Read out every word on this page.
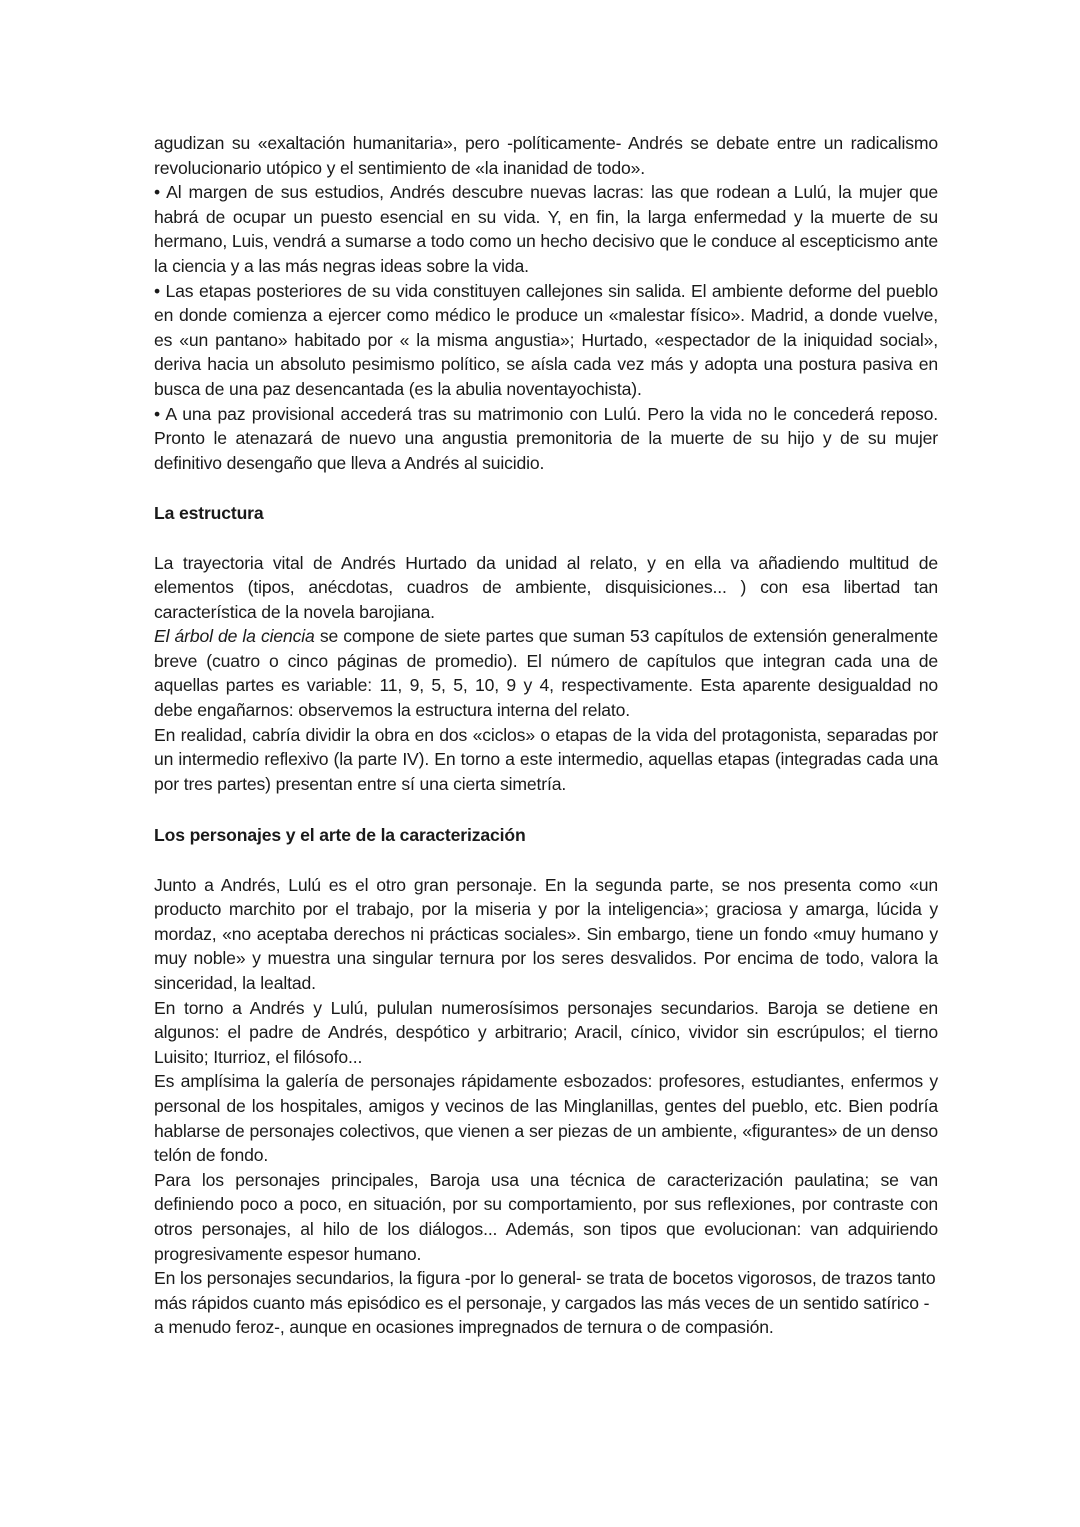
agudizan su «exaltación humanitaria», pero -políticamente- Andrés se debate entre un radicalismo revolucionario utópico y el sentimiento de «la inanidad de todo».

• Al margen de sus estudios, Andrés descubre nuevas lacras: las que rodean a Lulú, la mujer que habrá de ocupar un puesto esencial en su vida. Y, en fin, la larga enfermedad y la muerte de su hermano, Luis, vendrá a sumarse a todo como un hecho decisivo que le conduce al escepticismo ante la ciencia y a las más negras ideas sobre la vida.

• Las etapas posteriores de su vida constituyen callejones sin salida. El ambiente deforme del pueblo en donde comienza a ejercer como médico le produce un «malestar físico». Madrid, a donde vuelve, es «un pantano» habitado por « la misma angustia»; Hurtado, «espectador de la iniquidad social», deriva hacia un absoluto pesimismo político, se aísla cada vez más y adopta una postura pasiva en busca de una paz desencantada (es la abulia noventayochista).

• A una paz provisional accederá tras su matrimonio con Lulú. Pero la vida no le concederá reposo. Pronto le atenazará de nuevo una angustia premonitoria de la muerte de su hijo y de su mujer definitivo desengaño que lleva a Andrés al suicidio.

La estructura

La trayectoria vital de Andrés Hurtado da unidad al relato, y en ella va añadiendo multitud de elementos (tipos, anécdotas, cuadros de ambiente, disquisiciones... ) con esa libertad tan característica de la novela barojiana.

El árbol de la ciencia se compone de siete partes que suman 53 capítulos de extensión generalmente breve (cuatro o cinco páginas de promedio). El número de capítulos que integran cada una de aquellas partes es variable: 11, 9, 5, 5, 10, 9 y 4, respectivamente. Esta aparente desigualdad no debe engañarnos: observemos la estructura interna del relato.

En realidad, cabría dividir la obra en dos «ciclos» o etapas de la vida del protagonista, separadas por un intermedio reflexivo (la parte IV). En torno a este intermedio, aquellas etapas (integradas cada una por tres partes) presentan entre sí una cierta simetría.

Los personajes y el arte de la caracterización

Junto a Andrés, Lulú es el otro gran personaje. En la segunda parte, se nos presenta como «un producto marchito por el trabajo, por la miseria y por la inteligencia»; graciosa y amarga, lúcida y mordaz, «no aceptaba derechos ni prácticas sociales». Sin embargo, tiene un fondo «muy humano y muy noble» y muestra una singular ternura por los seres desvalidos. Por encima de todo, valora la sinceridad, la lealtad.

En torno a Andrés y Lulú, pululan numerosísimos personajes secundarios. Baroja se detiene en algunos: el padre de Andrés, despótico y arbitrario; Aracil, cínico, vividor sin escrúpulos; el tierno Luisito; Iturrioz, el filósofo...

Es amplísima la galería de personajes rápidamente esbozados: profesores, estudiantes, enfermos y personal de los hospitales, amigos y vecinos de las Minglanillas, gentes del pueblo, etc. Bien podría hablarse de personajes colectivos, que vienen a ser piezas de un ambiente, «figurantes» de un denso telón de fondo.

Para los personajes principales, Baroja usa una técnica de caracterización paulatina; se van definiendo poco a poco, en situación, por su comportamiento, por sus reflexiones, por contraste con otros personajes, al hilo de los diálogos... Además, son tipos que evolucionan: van adquiriendo progresivamente espesor humano.

En los personajes secundarios, la figura -por lo general- se trata de bocetos vigorosos, de trazos tanto más rápidos cuanto más episódico es el personaje, y cargados las más veces de un sentido satírico -a menudo feroz-, aunque en ocasiones impregnados de ternura o de compasión.
